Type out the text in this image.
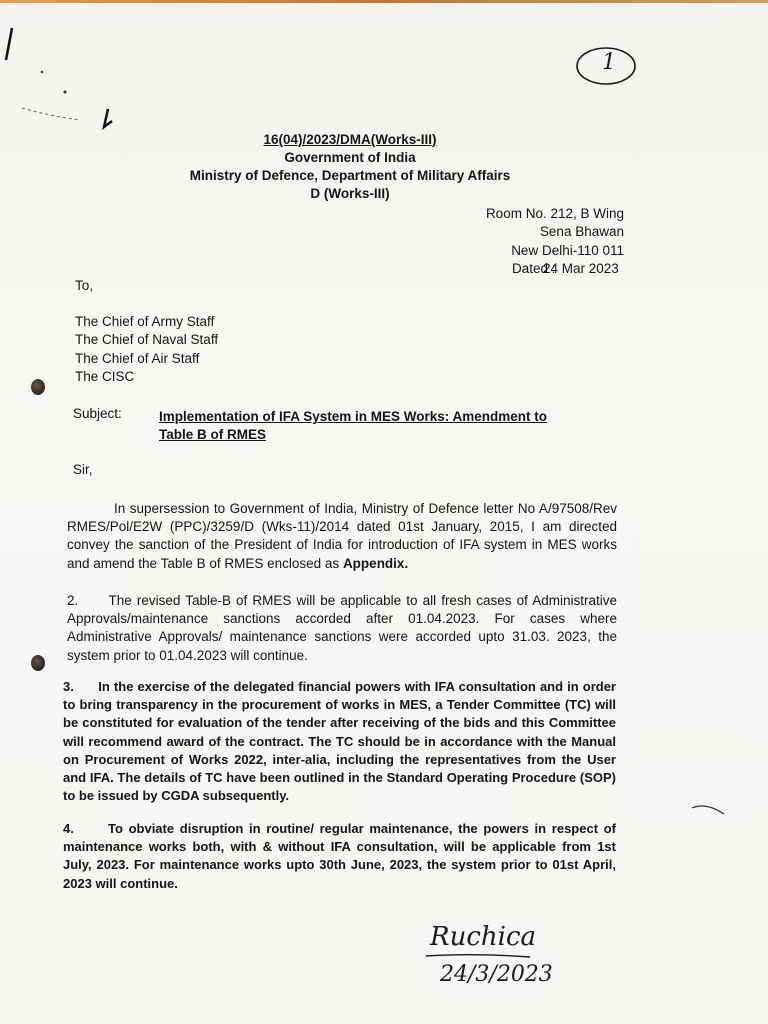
1
16(04)/2023/DMA(Works-III)
Government of India
Ministry of Defence, Department of Military Affairs
D (Works-III)
Room No. 212, B Wing
Sena Bhawan
New Delhi-110 011
Dated :
24 Mar 2023
To,
The Chief of Army Staff
The Chief of Naval Staff
The Chief of Air Staff
The CISC
Subject:	Implementation of IFA System in MES Works: Amendment to
Table B of RMES
Sir,
In supersession to Government of India, Ministry of Defence letter No A/97508/Rev RMES/Pol/E2W (PPC)/3259/D (Wks-11)/2014 dated 01st January, 2015, I am directed convey the sanction of the President of India for introduction of IFA system in MES works and amend the Table B of RMES enclosed as Appendix.
2.      The revised Table-B of RMES will be applicable to all fresh cases of Administrative Approvals/maintenance sanctions accorded after 01.04.2023. For cases where Administrative Approvals/ maintenance sanctions were accorded upto 31.03. 2023, the system prior to 01.04.2023 will continue.
3.      In the exercise of the delegated financial powers with IFA consultation and in order to bring transparency in the procurement of works in MES, a Tender Committee (TC) will be constituted for evaluation of the tender after receiving of the bids and this Committee will recommend award of the contract. The TC should be in accordance with the Manual on Procurement of Works 2022, inter-alia, including the representatives from the User and IFA. The details of TC have been outlined in the Standard Operating Procedure (SOP) to be issued by CGDA subsequently.
4.      To obviate disruption in routine/ regular maintenance, the powers in respect of maintenance works both, with & without IFA consultation, will be applicable from 1st July, 2023. For maintenance works upto 30th June, 2023, the system prior to 01st April, 2023 will continue.
Ruchica
24/3/2023
